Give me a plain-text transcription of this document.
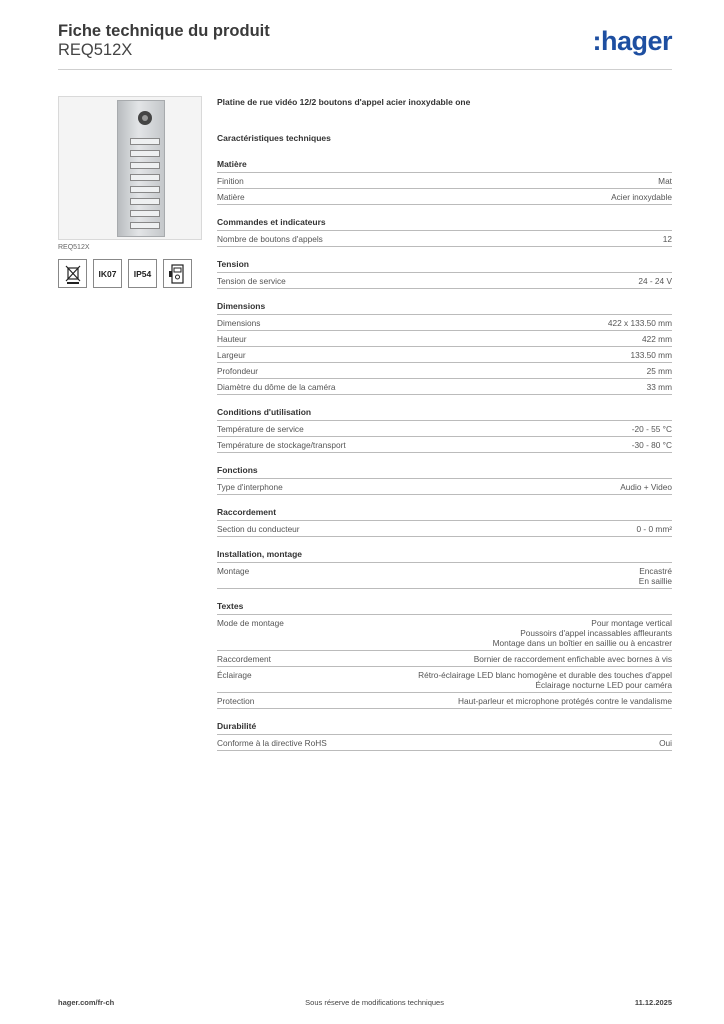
Fiche technique du produit
REQ512X	:hager
REQ512X
IK07	IP54
Platine de rue vidéo 12/2 boutons d'appel acier inoxydable one
Caractéristiques techniques
Matière
Finition	Mat
Matière	Acier inoxydable
Commandes et indicateurs
Nombre de boutons d'appels	12
Tension
Tension de service	24 - 24 V
Dimensions
Dimensions	422 x 133.50 mm
Hauteur	422 mm
Largeur	133.50 mm
Profondeur	25 mm
Diamètre du dôme de la caméra	33 mm
Conditions d'utilisation
Température de service	-20 - 55 °C
Température de stockage/transport	-30 - 80 °C
Fonctions
Type d'interphone	Audio + Video
Raccordement
Section du conducteur	0 - 0 mm²
Installation, montage
Montage	Encastré
En saillie
Textes
Mode de montage	Pour montage vertical
Poussoirs d'appel incassables affleurants
Montage dans un boîtier en saillie ou à encastrer
Raccordement	Bornier de raccordement enfichable avec bornes à vis
Éclairage	Rétro-éclairage LED blanc homogène et durable des touches d'appel
Éclairage nocturne LED pour caméra
Protection	Haut-parleur et microphone protégés contre le vandalisme
Durabilité
Conforme à la directive RoHS	Oui
hager.com/fr-ch	Sous réserve de modifications techniques	11.12.2025
